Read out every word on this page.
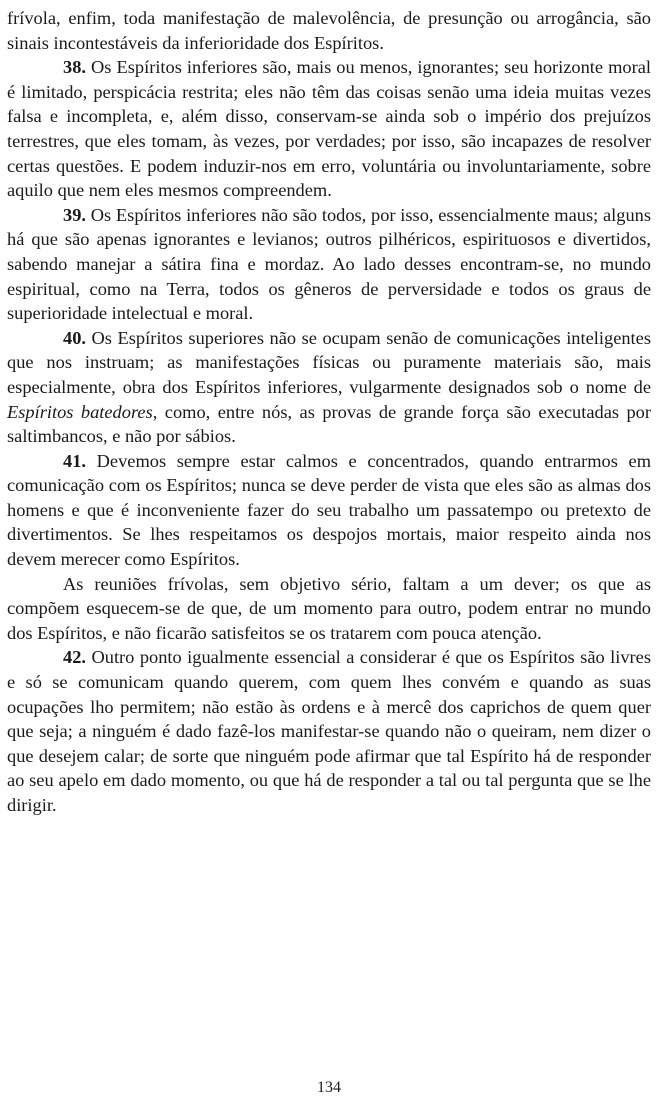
frívola, enfim, toda manifestação de malevolência, de presunção ou arrogância, são sinais incontestáveis da inferioridade dos Espíritos.

38. Os Espíritos inferiores são, mais ou menos, ignorantes; seu horizonte moral é limitado, perspicácia restrita; eles não têm das coisas senão uma ideia muitas vezes falsa e incompleta, e, além disso, conservam-se ainda sob o império dos prejuízos terrestres, que eles tomam, às vezes, por verdades; por isso, são incapazes de resolver certas questões. E podem induzir-nos em erro, voluntária ou involuntariamente, sobre aquilo que nem eles mesmos compreendem.

39. Os Espíritos inferiores não são todos, por isso, essencialmente maus; alguns há que são apenas ignorantes e levianos; outros pilhéricos, espirituosos e divertidos, sabendo manejar a sátira fina e mordaz. Ao lado desses encontram-se, no mundo espiritual, como na Terra, todos os gêneros de perversidade e todos os graus de superioridade intelectual e moral.

40. Os Espíritos superiores não se ocupam senão de comunicações inteligentes que nos instruam; as manifestações físicas ou puramente materiais são, mais especialmente, obra dos Espíritos inferiores, vulgarmente designados sob o nome de Espíritos batedores, como, entre nós, as provas de grande força são executadas por saltimbancos, e não por sábios.

41. Devemos sempre estar calmos e concentrados, quando entrarmos em comunicação com os Espíritos; nunca se deve perder de vista que eles são as almas dos homens e que é inconveniente fazer do seu trabalho um passatempo ou pretexto de divertimentos. Se lhes respeitamos os despojos mortais, maior respeito ainda nos devem merecer como Espíritos.

As reuniões frívolas, sem objetivo sério, faltam a um dever; os que as compõem esquecem-se de que, de um momento para outro, podem entrar no mundo dos Espíritos, e não ficarão satisfeitos se os tratarem com pouca atenção.

42. Outro ponto igualmente essencial a considerar é que os Espíritos são livres e só se comunicam quando querem, com quem lhes convém e quando as suas ocupações lho permitem; não estão às ordens e à mercê dos caprichos de quem quer que seja; a ninguém é dado fazê-los manifestar-se quando não o queiram, nem dizer o que desejem calar; de sorte que ninguém pode afirmar que tal Espírito há de responder ao seu apelo em dado momento, ou que há de responder a tal ou tal pergunta que se lhe dirigir.

134
